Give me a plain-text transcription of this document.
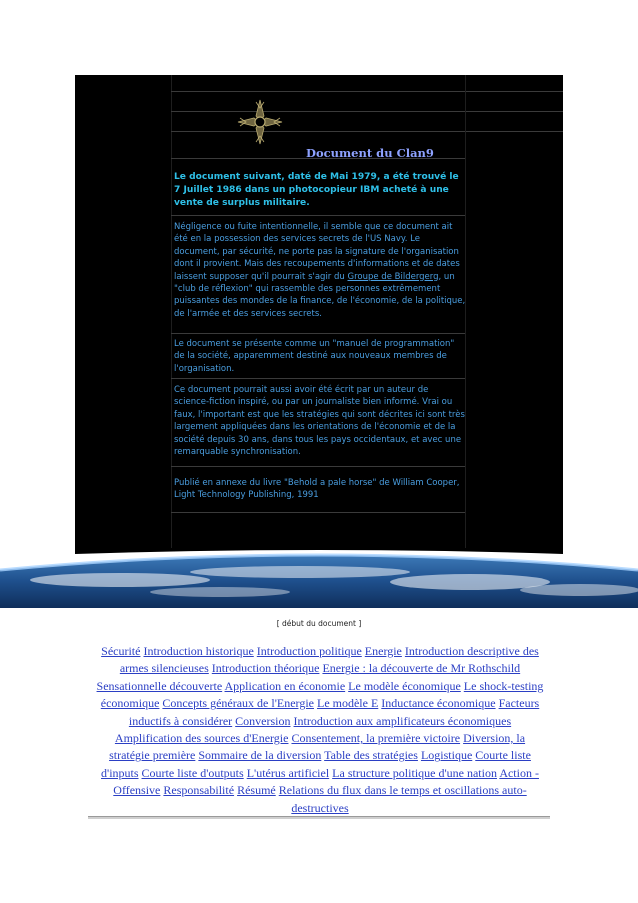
Document du Clan9
Le document suivant, daté de Mai 1979, a été trouvé le 7 Juillet 1986 dans un photocopieur IBM acheté à une vente de surplus militaire.
Négligence ou fuite intentionnelle, il semble que ce document ait été en la possession des services secrets de l'US Navy. Le document, par sécurité, ne porte pas la signature de l'organisation dont il provient. Mais des recoupements d'informations et de dates laissent supposer qu'il pourrait s'agir du Groupe de Bildergerg, un "club de réflexion" qui rassemble des personnes extrêmement puissantes des mondes de la finance, de l'économie, de la politique, de l'armée et des services secrets.
Le document se présente comme un "manuel de programmation" de la société, apparemment destiné aux nouveaux membres de l'organisation.
Ce document pourrait aussi avoir été écrit par un auteur de science-fiction inspiré, ou par un journaliste bien informé. Vrai ou faux, l'important est que les stratégies qui sont décrites ici sont très largement appliquées dans les orientations de l'économie et de la société depuis 30 ans, dans tous les pays occidentaux, et avec une remarquable synchronisation.
Publié en annexe du livre "Behold a pale horse" de William Cooper, Light Technology Publishing, 1991
[ début du document ]
Sécurité Introduction historique Introduction politique Energie Introduction descriptive des armes silencieuses Introduction théorique Energie : la découverte de Mr Rothschild Sensationnelle découverte Application en économie Le modèle économique Le shock-testing économique Concepts généraux de l'Energie Le modèle E Inductance économique Facteurs inductifs à considérer Conversion Introduction aux amplificateurs économiques Amplification des sources d'Energie Consentement, la première victoire Diversion, la stratégie première Sommaire de la diversion Table des stratégies Logistique Courte liste d'inputs Courte liste d'outputs L'utérus artificiel La structure politique d'une nation Action - Offensive Responsabilité Résumé Relations du flux dans le temps et oscillations auto-destructives
